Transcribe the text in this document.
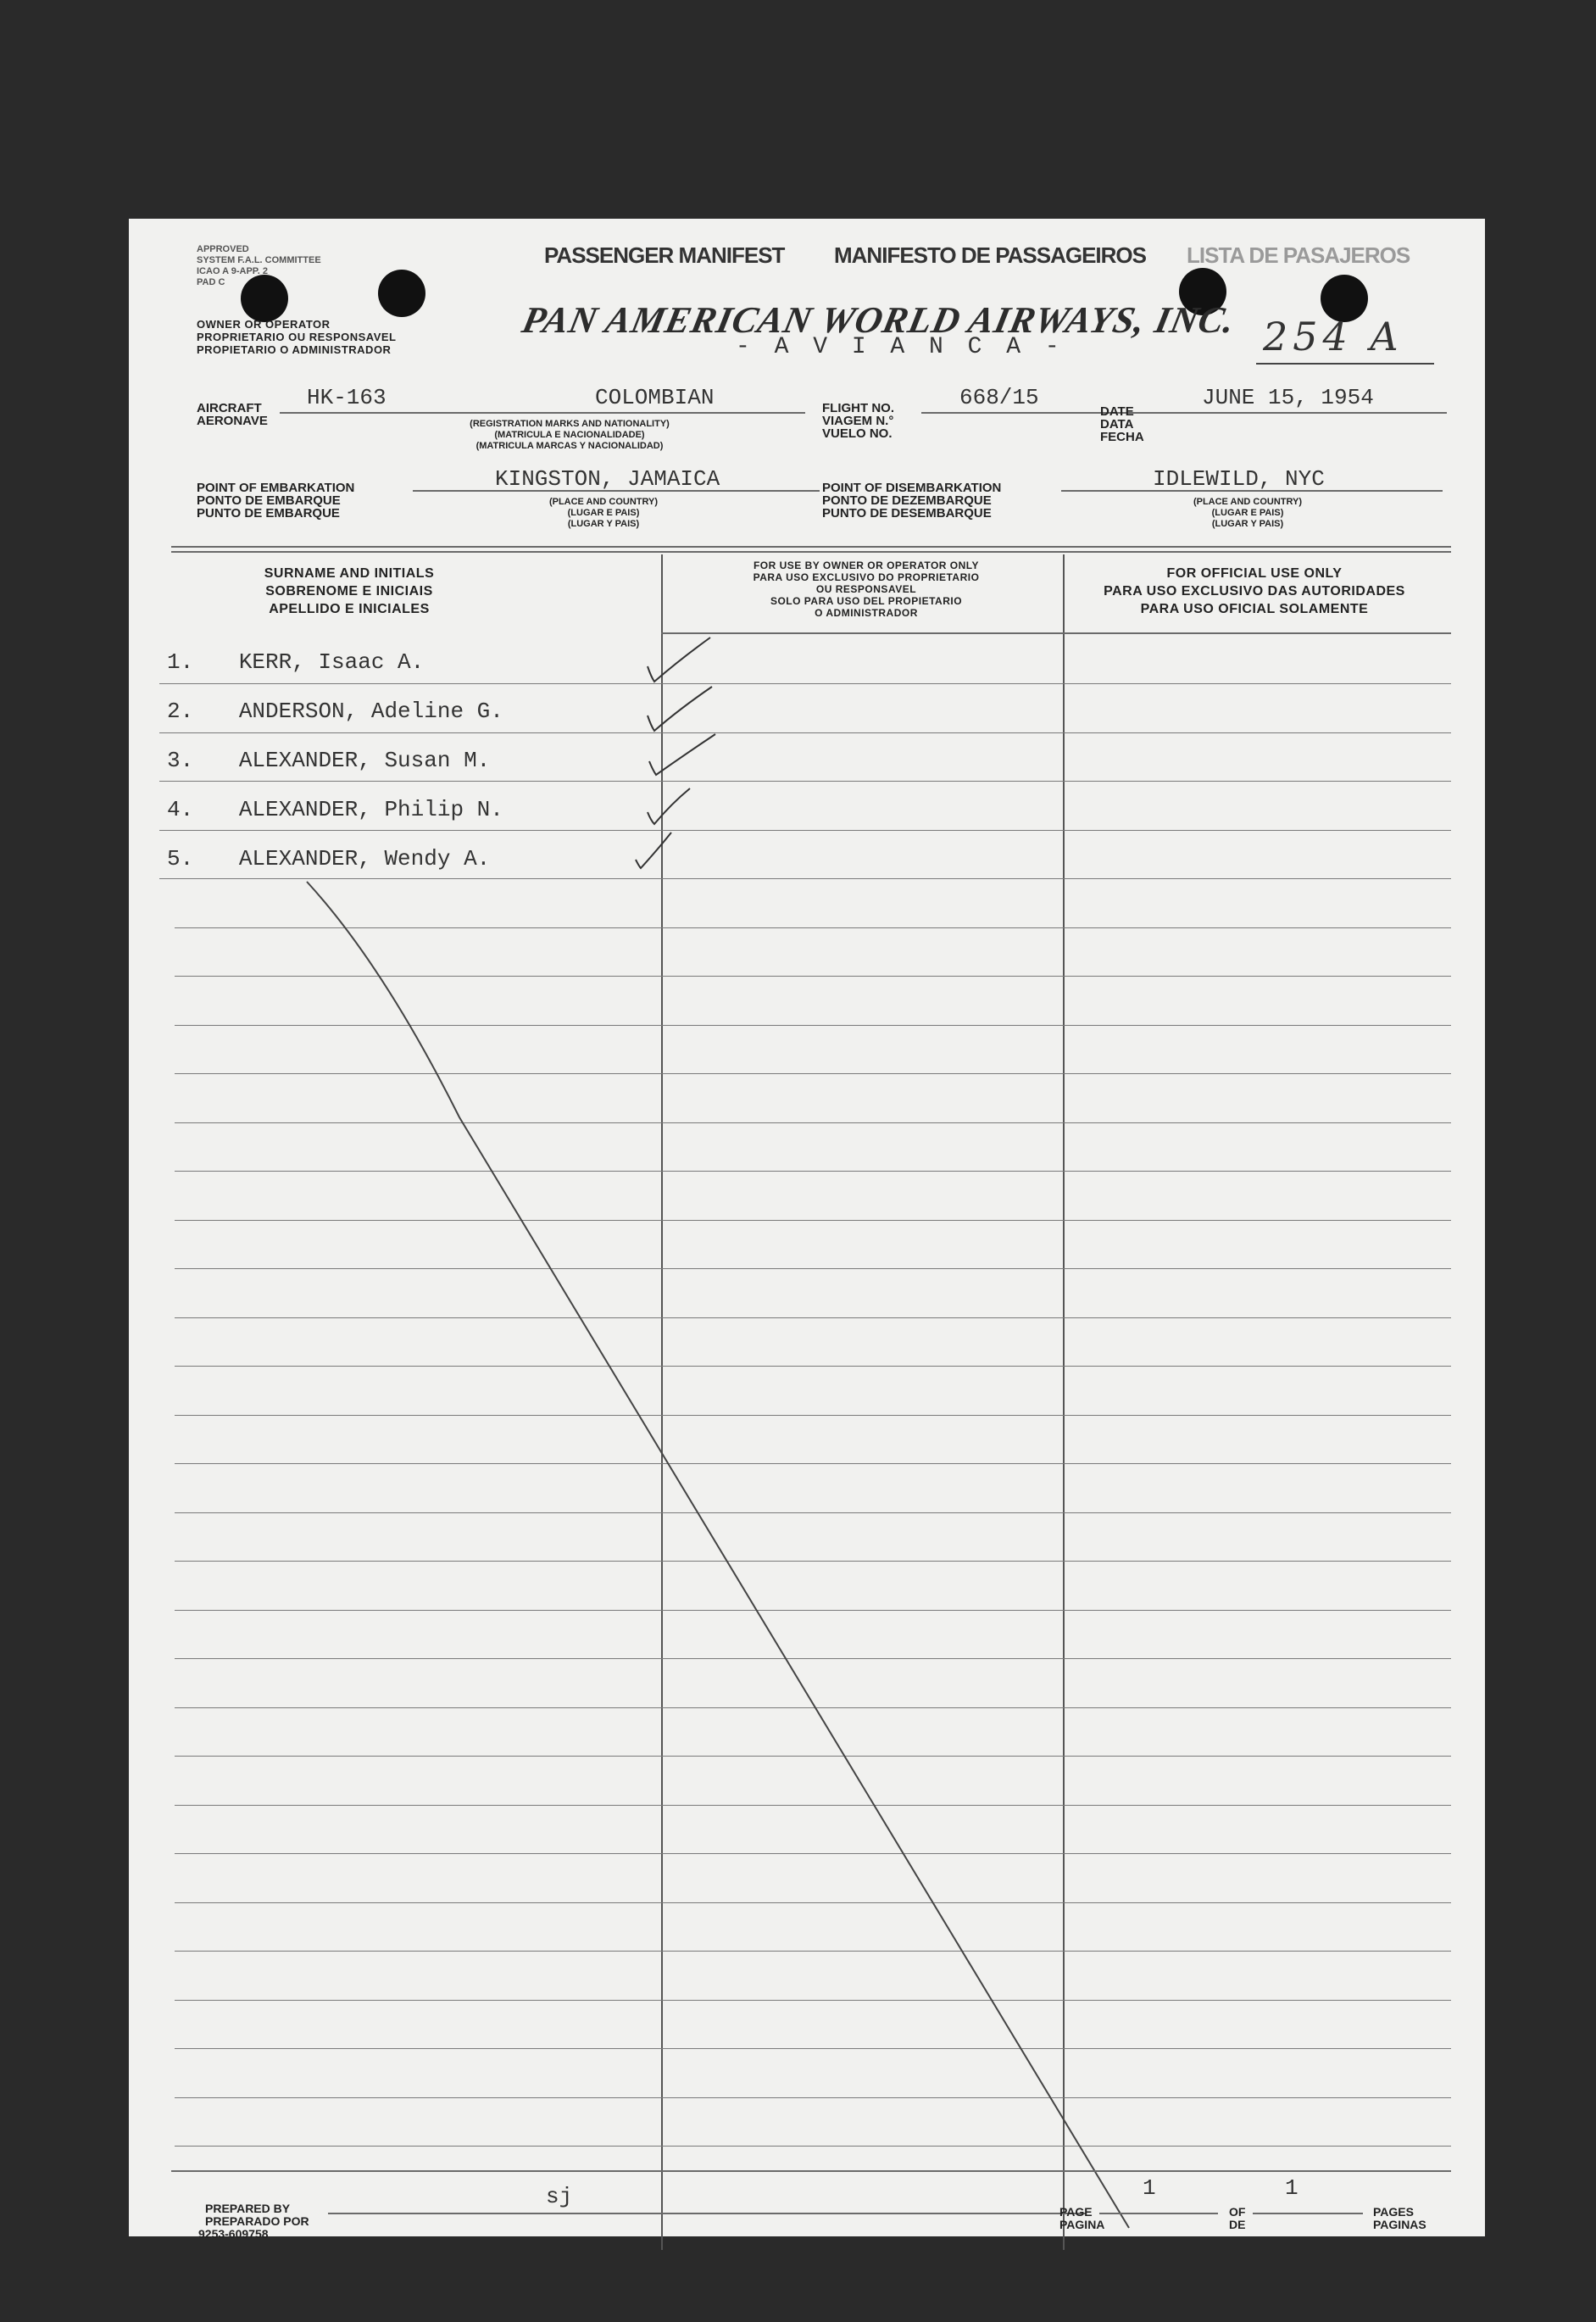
APPROVED
SYSTEM F.A.L. COMMITTEE
ICAO A 9-APP. 2
PAD C
OWNER OR OPERATOR
PROPRIETARIO OU RESPONSAVEL
PROPIETARIO O ADMINISTRADOR
PASSENGER MANIFEST MANIFESTO DE PASSAGEIROS LISTA DE PASAJEROS
PAN AMERICAN WORLD AIRWAYS, INC.
- A V I A N C A -	254 A
AIRCRAFT
AERONAVE
HK-163	COLOMBIAN
(REGISTRATION MARKS AND NATIONALITY)
(MATRICULA E NACIONALIDADE)
(MATRICULA MARCAS Y NACIONALIDAD)
FLIGHT NO.
VIAGEM N.°
VUELO NO.
668/15
DATE
DATA
FECHA
JUNE 15, 1954
POINT OF EMBARKATION
PONTO DE EMBARQUE
PUNTO DE EMBARQUE
KINGSTON, JAMAICA
(PLACE AND COUNTRY)
(LUGAR E PAIS)
(LUGAR Y PAIS)
POINT OF DISEMBARKATION
PONTO DE DEZEMBARQUE
PUNTO DE DESEMBARQUE
IDLEWILD, NYC
(PLACE AND COUNTRY)
(LUGAR E PAIS)
(LUGAR Y PAIS)
SURNAME AND INITIALS
SOBRENOME E INICIAIS
APELLIDO E INICIALES
FOR USE BY OWNER OR OPERATOR ONLY
PARA USO EXCLUSIVO DO PROPRIETARIO
OU RESPONSAVEL
SOLO PARA USO DEL PROPIETARIO
O ADMINISTRADOR
FOR OFFICIAL USE ONLY
PARA USO EXCLUSIVO DAS AUTORIDADES
PARA USO OFICIAL SOLAMENTE
1. KERR, Isaac A.
2. ANDERSON, Adeline G.
3. ALEXANDER, Susan M.
4. ALEXANDER, Philip N.
5. ALEXANDER, Wendy A.
PREPARED BY
PREPARADO POR
9253-609758
sj
PAGE
PAGINA
1
OF
DE
1
PAGES
PAGINAS
